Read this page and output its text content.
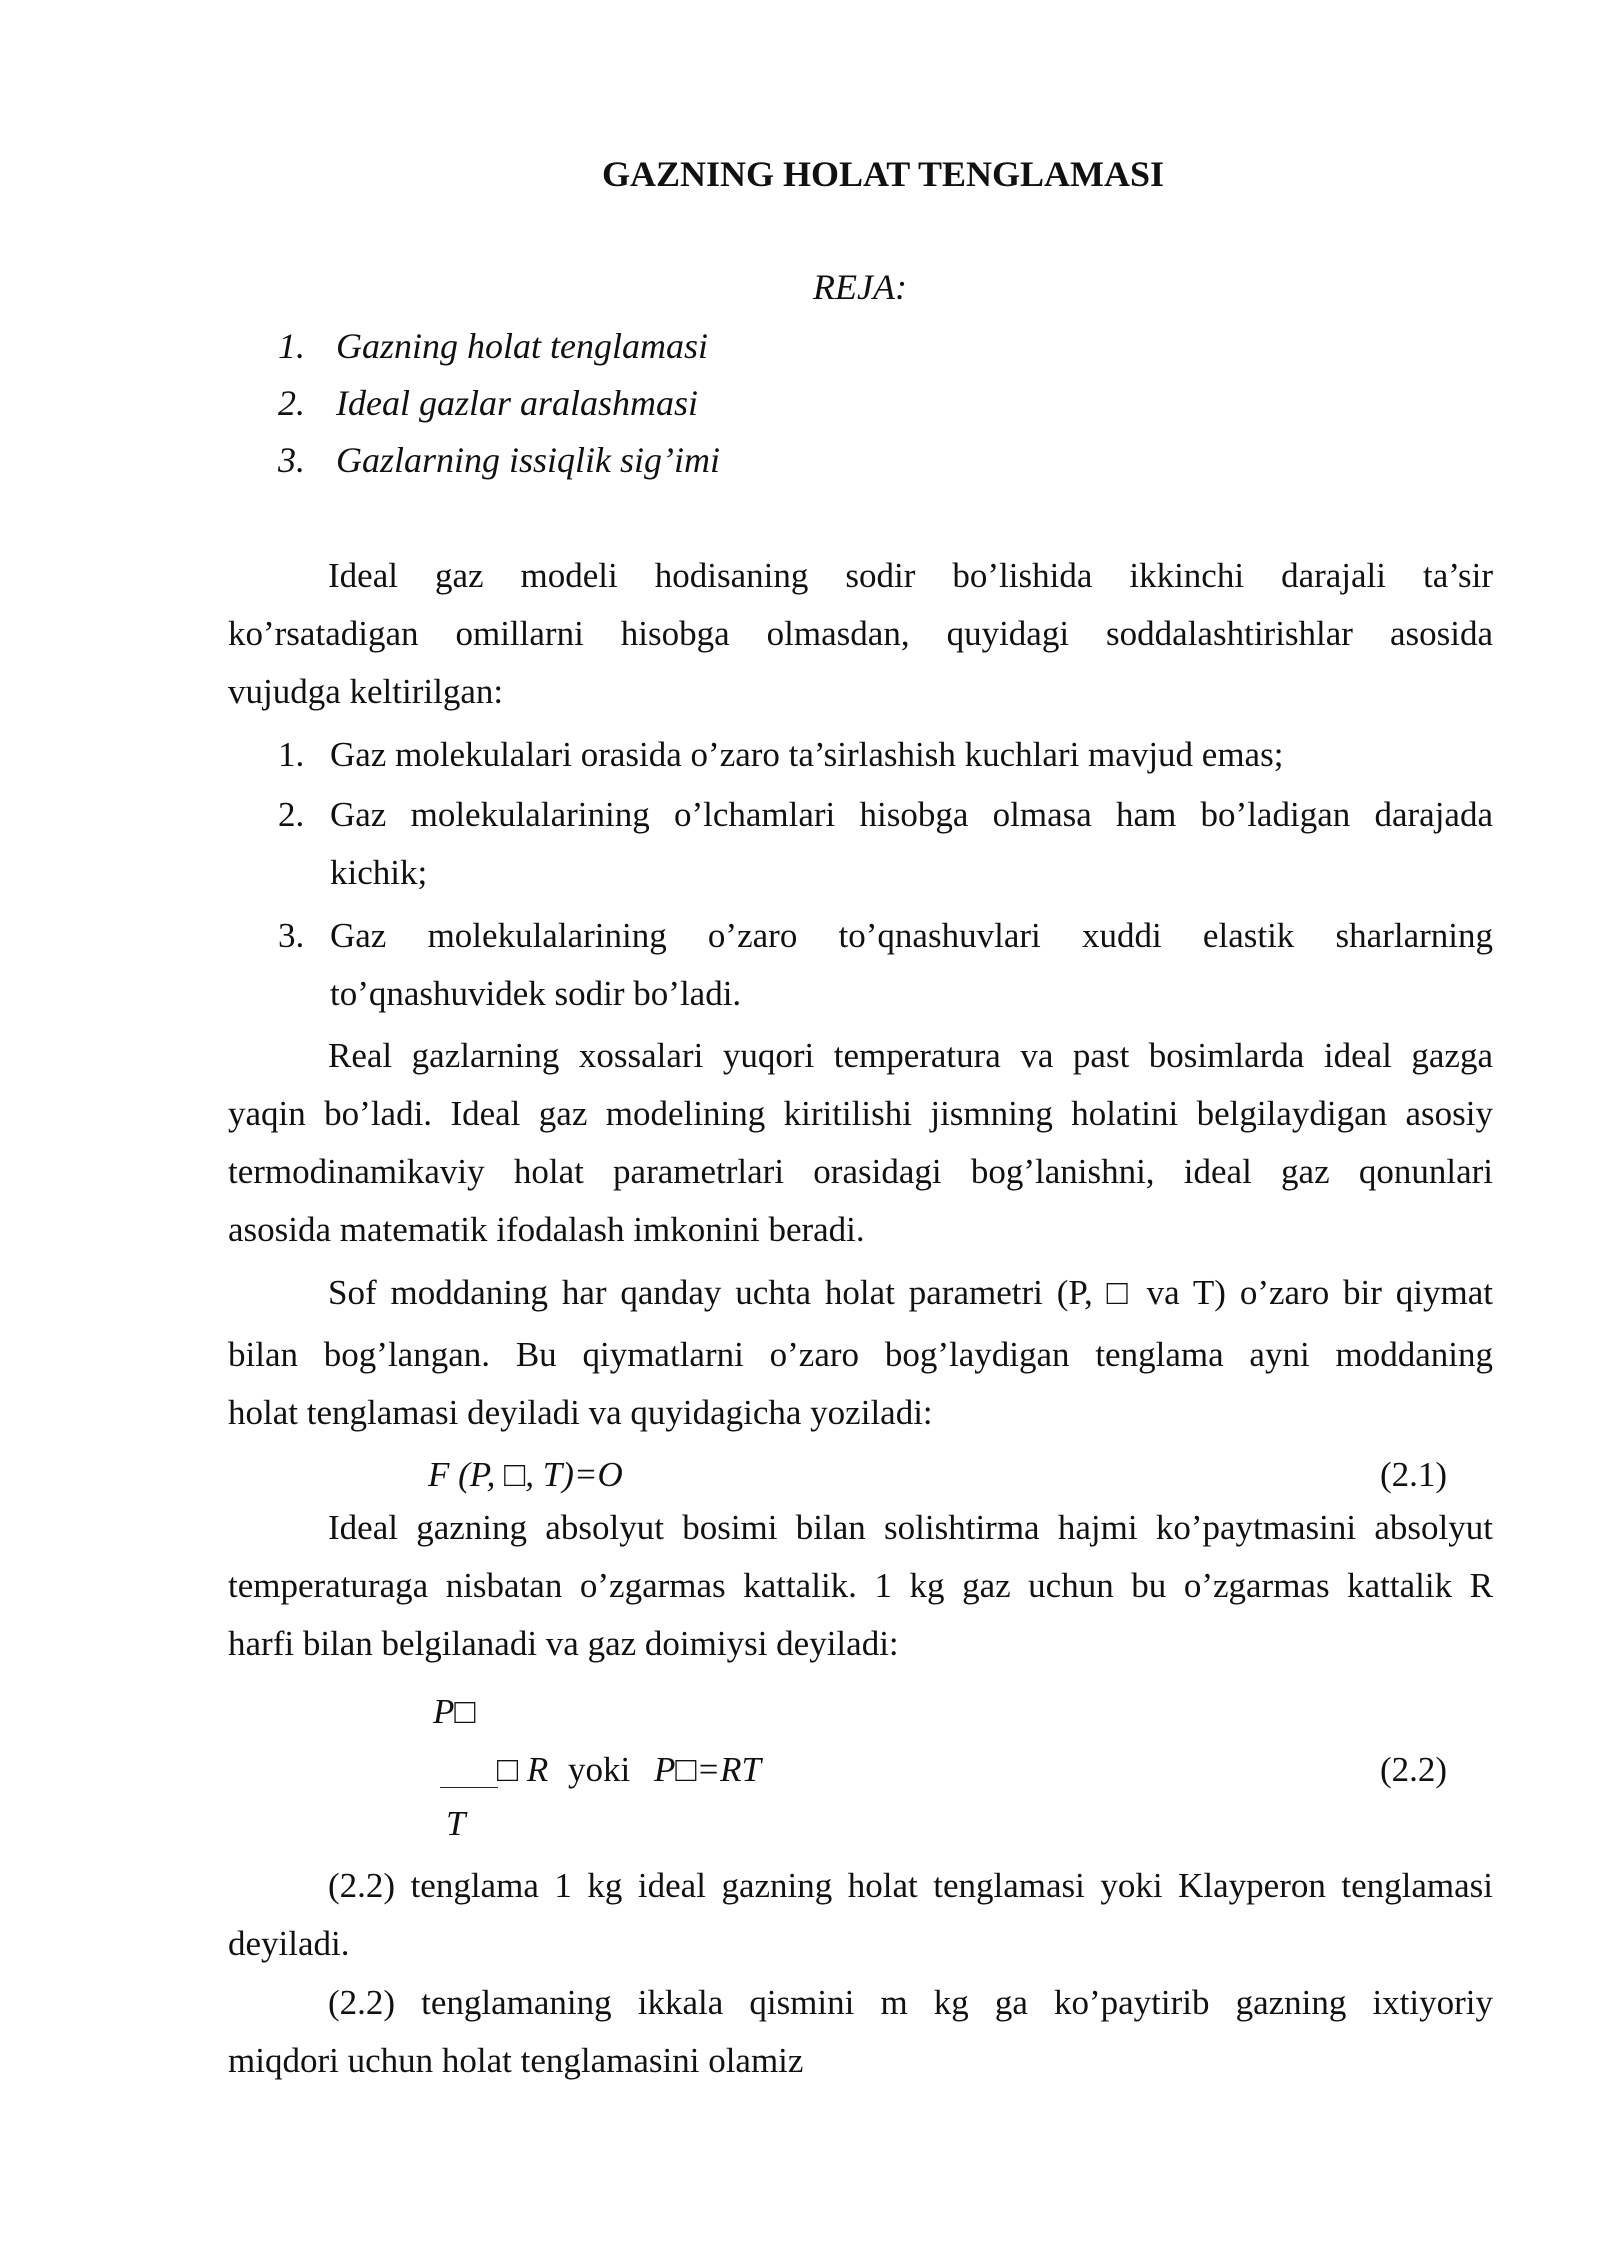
GAZNING HOLAT TENGLAMASI
REJA:
1. Gazning holat tenglamasi
2. Ideal gazlar aralashmasi
3. Gazlarning issiqlik sig’imi
Ideal gaz modeli hodisaning sodir bo’lishida ikkinchi darajali ta’sir
ko’rsatadigan omillarni hisobga olmasdan, quyidagi soddalashtirishlar asosida
vujudga keltirilgan:
1. Gaz molekulalari orasida o’zaro ta’sirlashish kuchlari mavjud emas;
2. Gaz molekulalarining o’lchamlari hisobga olmasa ham bo’ladigan darajada
kichik;
3. Gaz molekulalarining o’zaro to’qnashuvlari xuddi elastik sharlarning
to’qnashuvidek sodir bo’ladi.
Real gazlarning xossalari yuqori temperatura va past bosimlarda ideal gazga
yaqin bo’ladi. Ideal gaz modelining kiritilishi jismning holatini belgilaydigan asosiy
termodinamikaviy holat parametrlari orasidagi bog’lanishni, ideal gaz qonunlari
asosida matematik ifodalash imkonini beradi.
Sof moddaning har qanday uchta holat parametri (P, □ va T) o’zaro bir qiymat
bilan bog’langan. Bu qiymatlarni o’zaro bog’laydigan tenglama ayni moddaning
holat tenglamasi deyiladi va quyidagicha yoziladi:
F (P, □, T)=O	(2.1)
Ideal gazning absolyut bosimi bilan solishtirma hajmi ko’paytmasini absolyut
temperaturaga nisbatan o’zgarmas kattalik. 1 kg gaz uchun bu o’zgarmas kattalik R
harfi bilan belgilanadi va gaz doimiysi deyiladi:
P□
□ R yoki P□=RT	(2.2)
T
(2.2) tenglama 1 kg ideal gazning holat tenglamasi yoki Klayperon tenglamasi
deyiladi.
(2.2) tenglamaning ikkala qismini m kg ga ko’paytirib gazning ixtiyoriy
miqdori uchun holat tenglamasini olamiz
